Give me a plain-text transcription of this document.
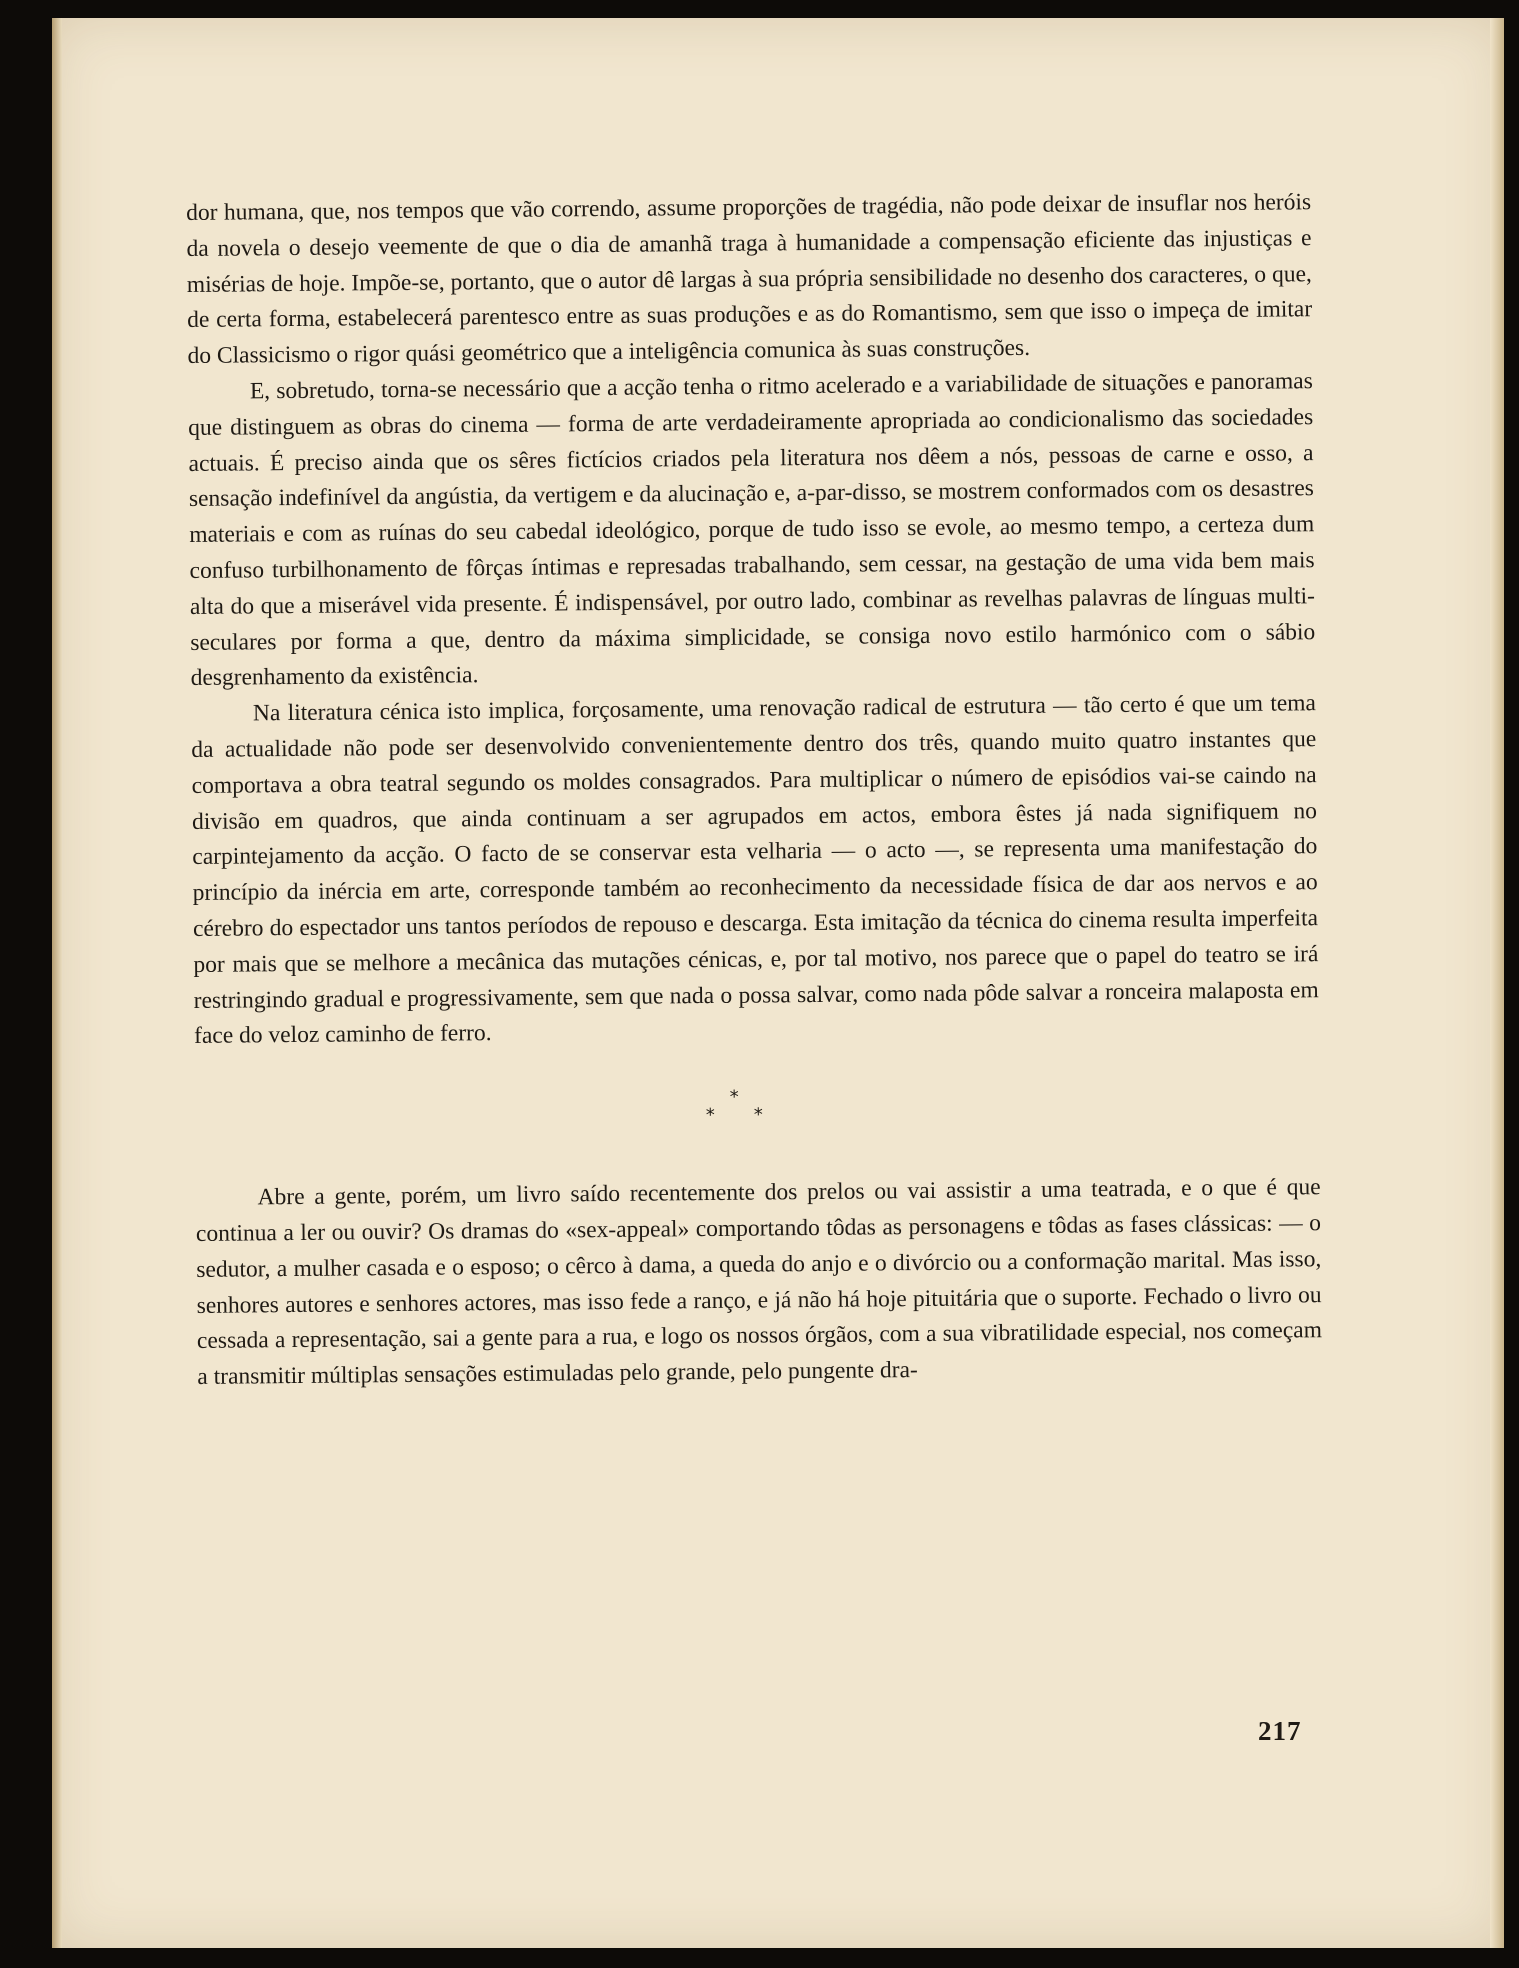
dor humana, que, nos tempos que vão correndo, assume proporções de tragédia, não pode deixar de insuflar nos heróis da novela o desejo veemente de que o dia de amanhã traga à humanidade a compensação eficiente das injustiças e misérias de hoje. Impõe-se, portanto, que o autor dê largas à sua própria sensibilidade no desenho dos caracteres, o que, de certa forma, estabelecerá parentesco entre as suas produções e as do Romantismo, sem que isso o impeça de imitar do Classicismo o rigor quási geométrico que a inteligência comunica às suas construções.

E, sobretudo, torna-se necessário que a acção tenha o ritmo acelerado e a variabilidade de situações e panoramas que distinguem as obras do cinema — forma de arte verdadeiramente apropriada ao condicionalismo das sociedades actuais. É preciso ainda que os sêres fictícios criados pela literatura nos dêem a nós, pessoas de carne e osso, a sensação indefinível da angústia, da vertigem e da alucinação e, a-par-disso, se mostrem conformados com os desastres materiais e com as ruínas do seu cabedal ideológico, porque de tudo isso se evole, ao mesmo tempo, a certeza dum confuso turbilhonamento de fôrças íntimas e represadas trabalhando, sem cessar, na gestação de uma vida bem mais alta do que a miserável vida presente. É indispensável, por outro lado, combinar as revelhas palavras de línguas multi-seculares por forma a que, dentro da máxima simplicidade, se consiga novo estilo harmónico com o sábio desgrenhamento da existência.

Na literatura cénica isto implica, forçosamente, uma renovação radical de estrutura — tão certo é que um tema da actualidade não pode ser desenvolvido convenientemente dentro dos três, quando muito quatro instantes que comportava a obra teatral segundo os moldes consagrados. Para multiplicar o número de episódios vai-se caindo na divisão em quadros, que ainda continuam a ser agrupados em actos, embora êstes já nada signifiquem no carpintejamento da acção. O facto de se conservar esta velharia — o acto —, se representa uma manifestação do princípio da inércia em arte, corresponde também ao reconhecimento da necessidade física de dar aos nervos e ao cérebro do espectador uns tantos períodos de repouso e descarga. Esta imitação da técnica do cinema resulta imperfeita por mais que se melhore a mecânica das mutações cénicas, e, por tal motivo, nos parece que o papel do teatro se irá restringindo gradual e progressivamente, sem que nada o possa salvar, como nada pôde salvar a ronceira malaposta em face do veloz caminho de ferro.

*
* *

Abre a gente, porém, um livro saído recentemente dos prelos ou vai assistir a uma teatrada, e o que é que continua a ler ou ouvir? Os dramas do «sex-appeal» comportando tôdas as personagens e tôdas as fases clássicas: — o sedutor, a mulher casada e o esposo; o cêrco à dama, a queda do anjo e o divórcio ou a conformação marital. Mas isso, senhores autores e senhores actores, mas isso fede a ranço, e já não há hoje pituitária que o suporte. Fechado o livro ou cessada a representação, sai a gente para a rua, e logo os nossos órgãos, com a sua vibratilidade especial, nos começam a transmitir múltiplas sensações estimuladas pelo grande, pelo pungente dra-

217
